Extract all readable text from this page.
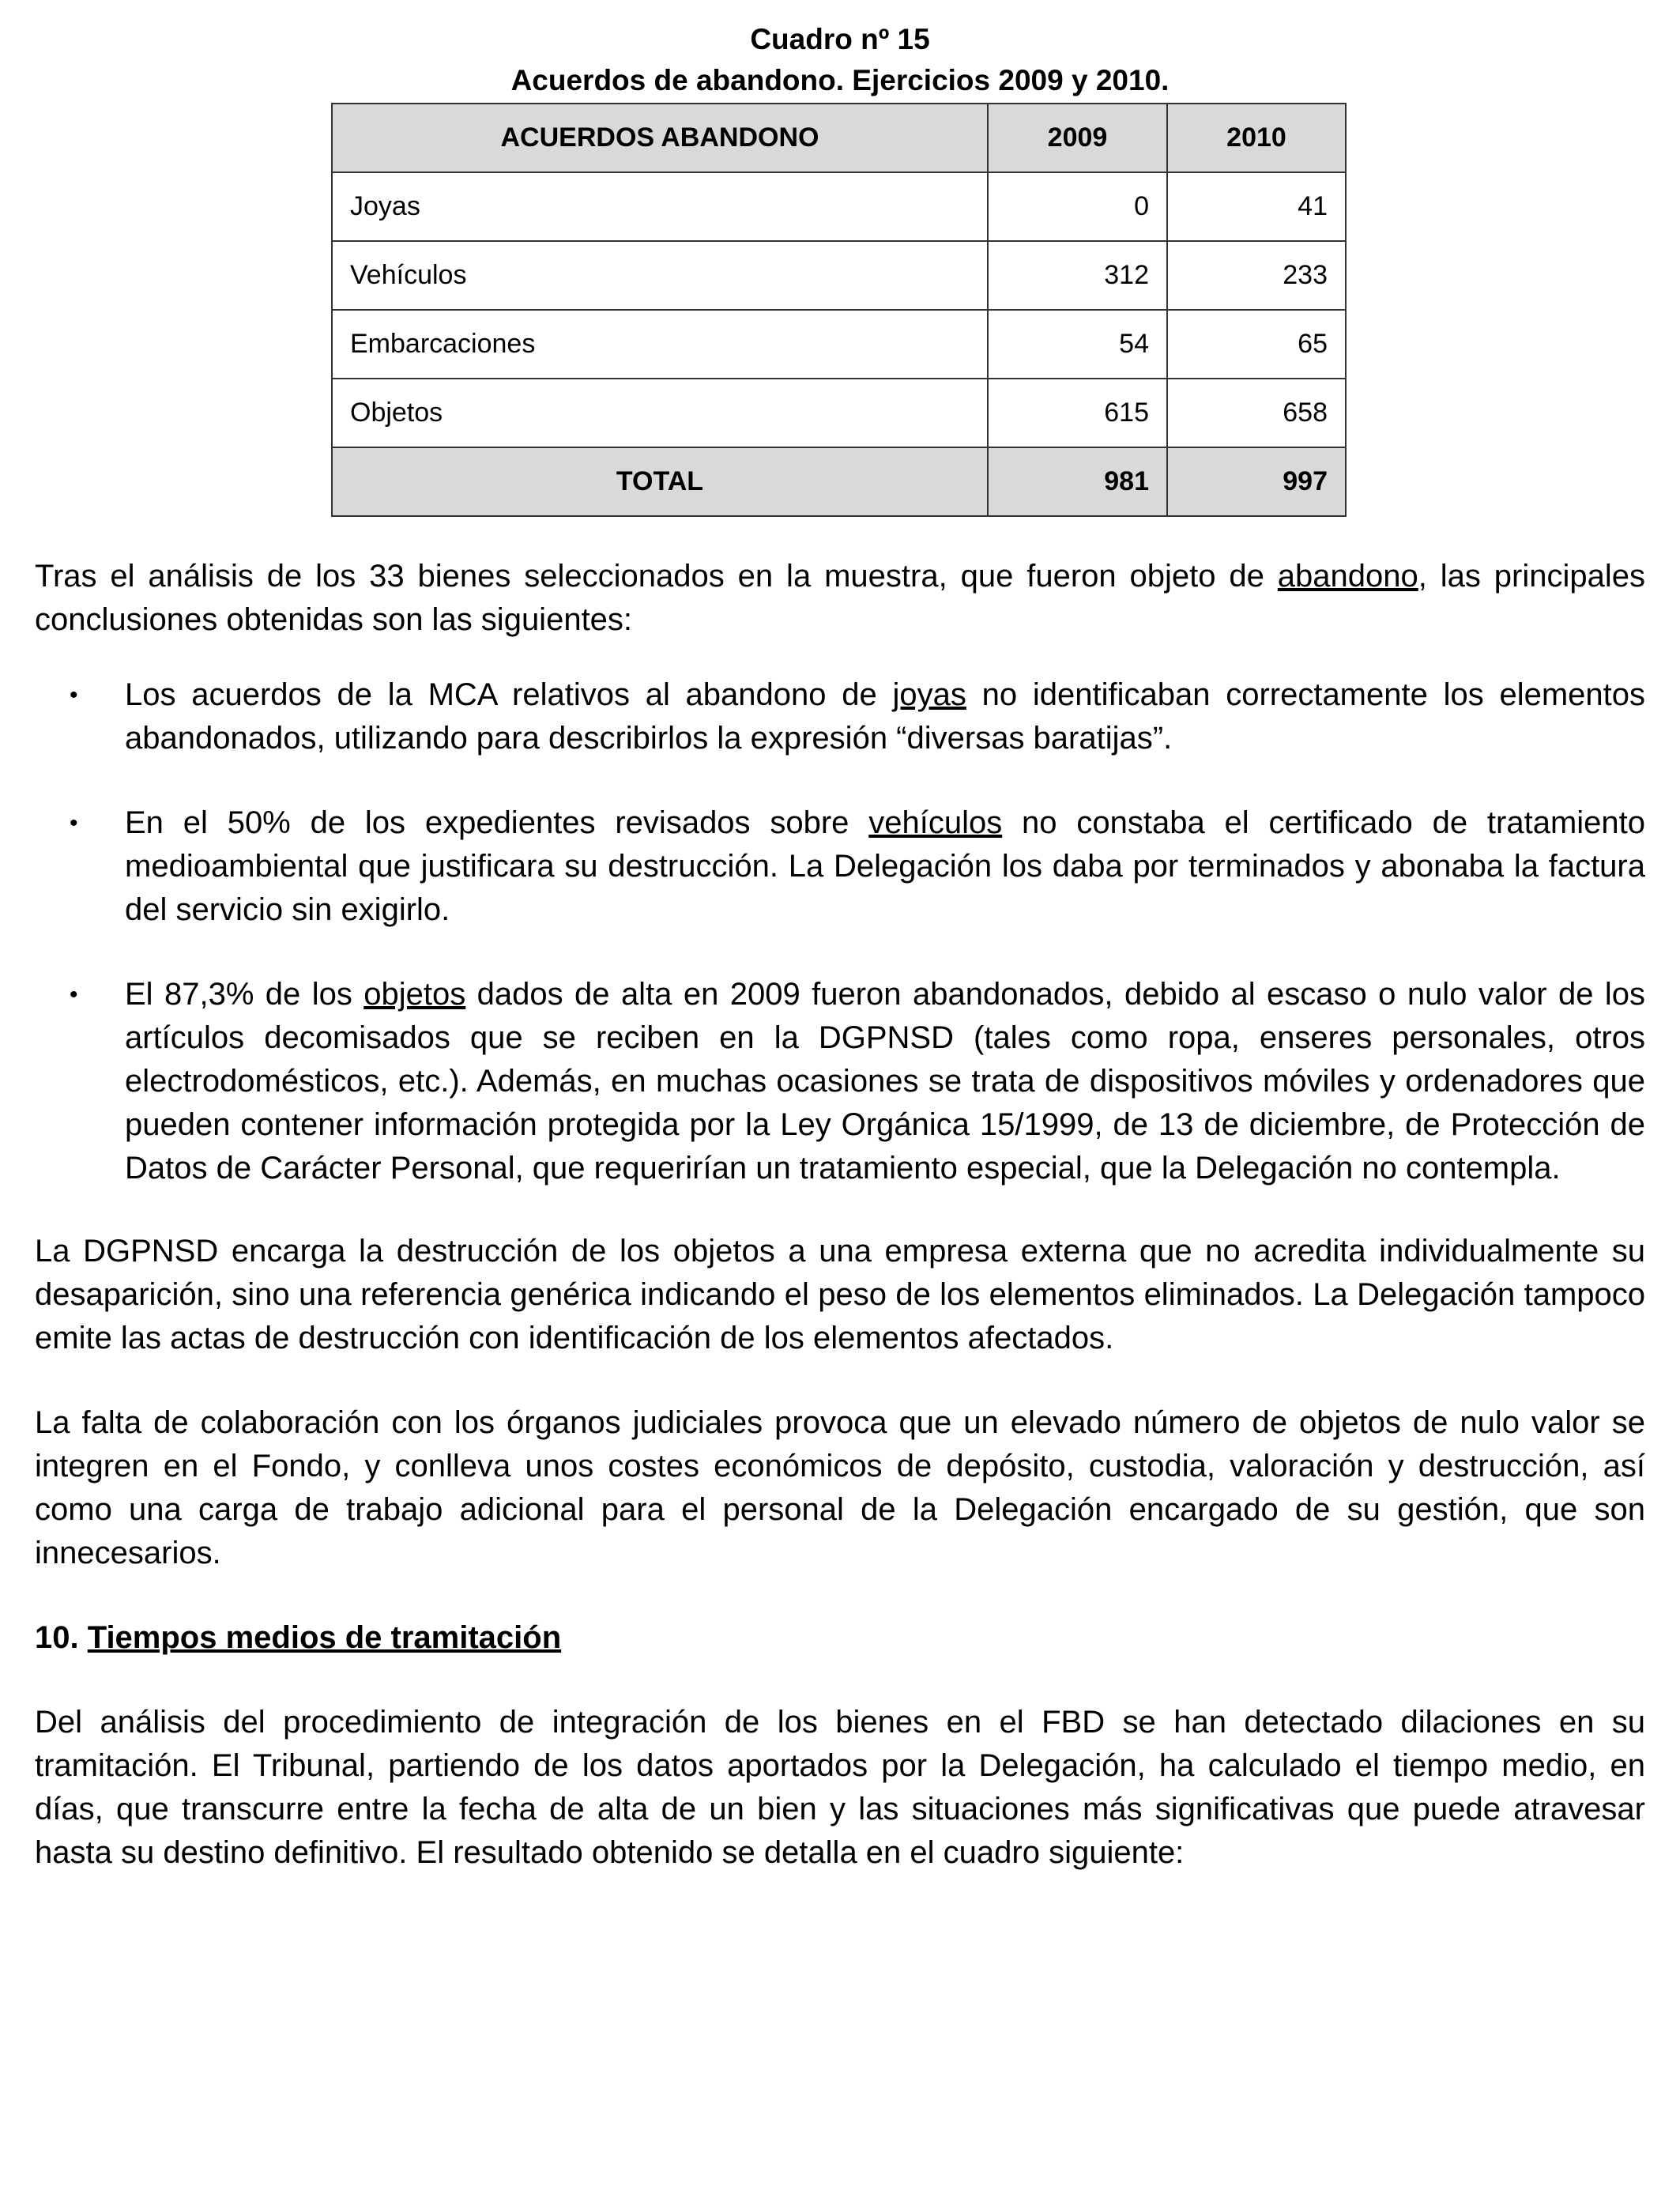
Cuadro nº 15
Acuerdos de abandono. Ejercicios 2009 y 2010.
ACUERDOS ABANDONO	2009	2010
Joyas	0	41
Vehículos	312	233
Embarcaciones	54	65
Objetos	615	658
TOTAL	981	997

Tras el análisis de los 33 bienes seleccionados en la muestra, que fueron objeto de abandono, las principales conclusiones obtenidas son las siguientes:

• Los acuerdos de la MCA relativos al abandono de joyas no identificaban correctamente los elementos abandonados, utilizando para describirlos la expresión “diversas baratijas”.
• En el 50% de los expedientes revisados sobre vehículos no constaba el certificado de tratamiento medioambiental que justificara su destrucción. La Delegación los daba por terminados y abonaba la factura del servicio sin exigirlo.
• El 87,3% de los objetos dados de alta en 2009 fueron abandonados, debido al escaso o nulo valor de los artículos decomisados que se reciben en la DGPNSD (tales como ropa, enseres personales, otros electrodomésticos, etc.). Además, en muchas ocasiones se trata de dispositivos móviles y ordenadores que pueden contener información protegida por la Ley Orgánica 15/1999, de 13 de diciembre, de Protección de Datos de Carácter Personal, que requerirían un tratamiento especial, que la Delegación no contempla.

La DGPNSD encarga la destrucción de los objetos a una empresa externa que no acredita individualmente su desaparición, sino una referencia genérica indicando el peso de los elementos eliminados. La Delegación tampoco emite las actas de destrucción con identificación de los elementos afectados.

La falta de colaboración con los órganos judiciales provoca que un elevado número de objetos de nulo valor se integren en el Fondo, y conlleva unos costes económicos de depósito, custodia, valoración y destrucción, así como una carga de trabajo adicional para el personal de la Delegación encargado de su gestión, que son innecesarios.

10. Tiempos medios de tramitación

Del análisis del procedimiento de integración de los bienes en el FBD se han detectado dilaciones en su tramitación. El Tribunal, partiendo de los datos aportados por la Delegación, ha calculado el tiempo medio, en días, que transcurre entre la fecha de alta de un bien y las situaciones más significativas que puede atravesar hasta su destino definitivo. El resultado obtenido se detalla en el cuadro siguiente:
